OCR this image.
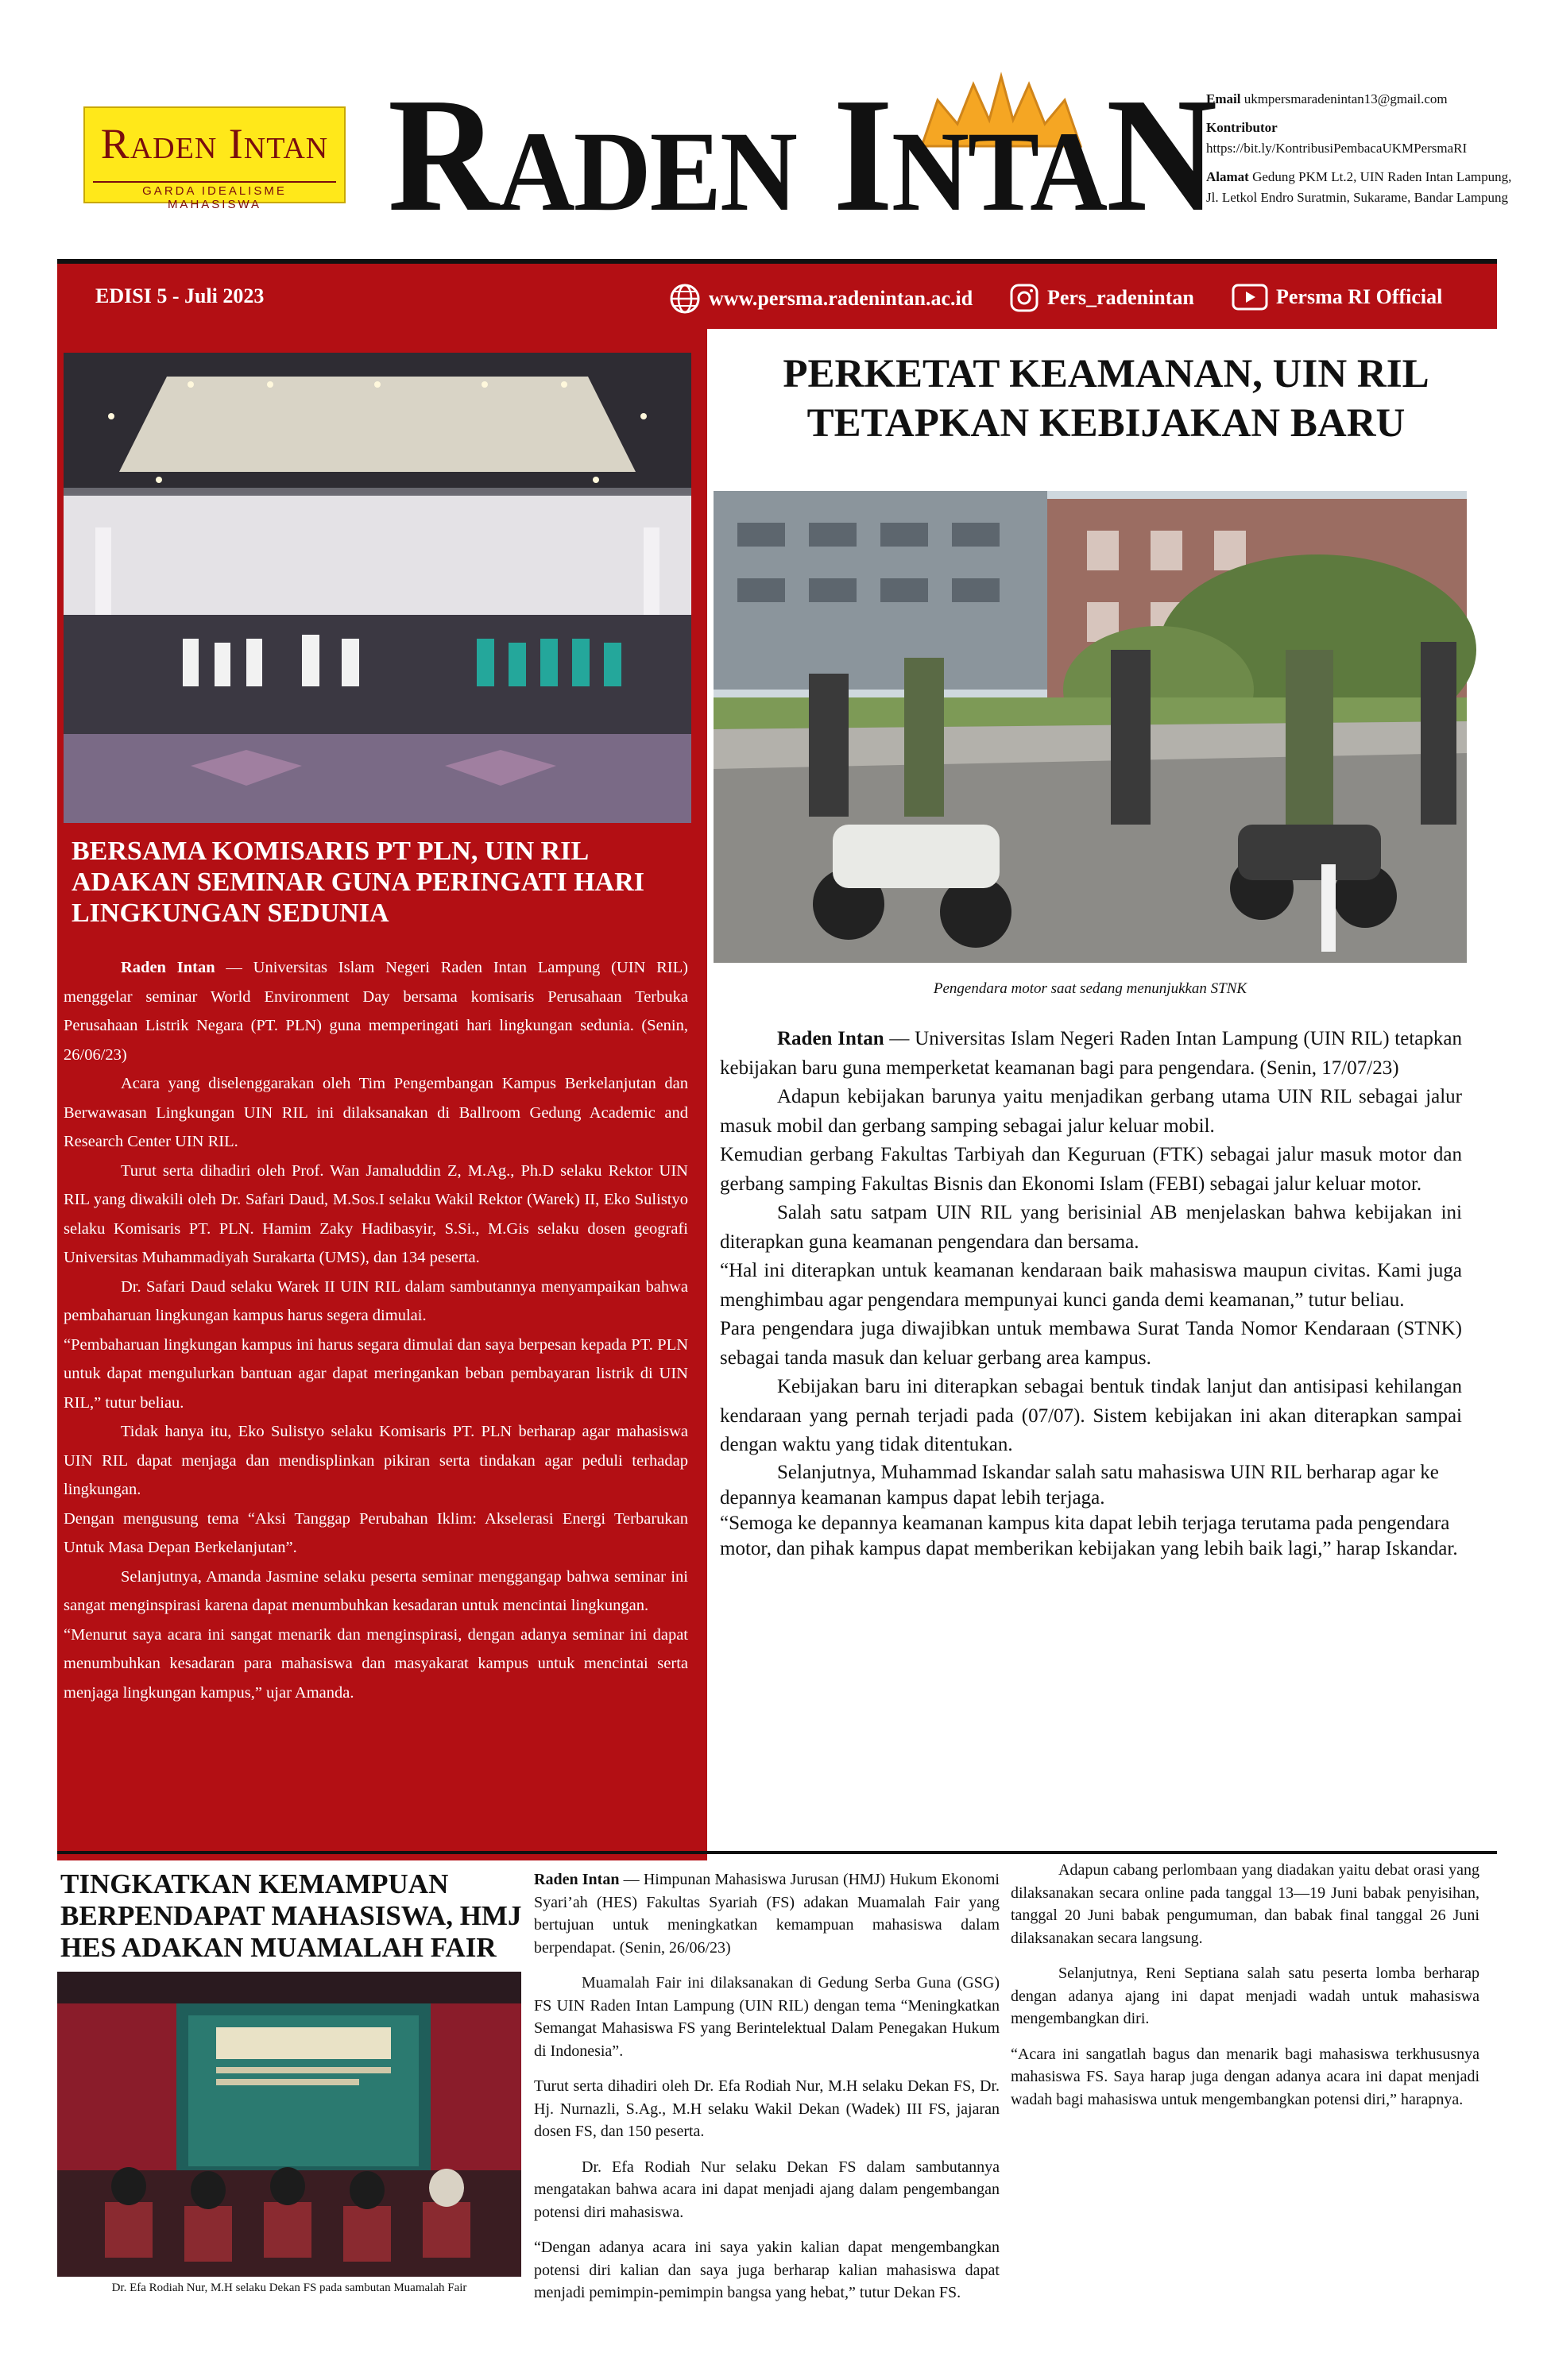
Raden Intan
GARDA IDEALISME MAHASISWA Raden IntaN

Email ukmpersmaradenintan13@gmail.com

Kontributor https://bit.ly/KontribusiPembacaUKMPersmaRI

Alamat Gedung PKM Lt.2, UIN Raden Intan Lampung, Jl. Letkol Endro Suratmin, Sukarame, Bandar Lampung

EDISI 5 - Juli 2023	www.persma.radenintan.ac.id	Pers_radenintan	Persma RI Official
BERSAMA KOMISARIS PT PLN, UIN RIL ADAKAN SEMINAR GUNA PERINGATI HARI LINGKUNGAN SEDUNIA

Raden Intan — Universitas Islam Negeri Raden Intan Lampung (UIN RIL) menggelar seminar World Environment Day bersama komisaris Perusahaan Terbuka Perusahaan Listrik Negara (PT. PLN) guna memperingati hari lingkungan sedunia. (Senin, 26/06/23)

Acara yang diselenggarakan oleh Tim Pengembangan Kampus Berkelanjutan dan Berwawasan Lingkungan UIN RIL ini dilaksanakan di Ballroom Gedung Academic and Research Center UIN RIL.

Turut serta dihadiri oleh Prof. Wan Jamaluddin Z, M.Ag., Ph.D selaku Rektor UIN RIL yang diwakili oleh Dr. Safari Daud, M.Sos.I selaku Wakil Rektor (Warek) II, Eko Sulistyo selaku Komisaris PT. PLN. Hamim Zaky Hadibasyir, S.Si., M.Gis selaku dosen geografi Universitas Muhammadiyah Surakarta (UMS), dan 134 peserta.

Dr. Safari Daud selaku Warek II UIN RIL dalam sambutannya menyampaikan bahwa pembaharuan lingkungan kampus harus segera dimulai.

“Pembaharuan lingkungan kampus ini harus segara dimulai dan saya berpesan kepada PT. PLN untuk dapat mengulurkan bantuan agar dapat meringankan beban pembayaran listrik di UIN RIL,” tutur beliau.

Tidak hanya itu, Eko Sulistyo selaku Komisaris PT. PLN berharap agar mahasiswa UIN RIL dapat menjaga dan mendisplinkan pikiran serta tindakan agar peduli terhadap lingkungan.

Dengan mengusung tema “Aksi Tanggap Perubahan Iklim: Akselerasi Energi Terbarukan Untuk Masa Depan Berkelanjutan”.

Selanjutnya, Amanda Jasmine selaku peserta seminar menggangap bahwa seminar ini sangat menginspirasi karena dapat menumbuhkan kesadaran untuk mencintai lingkungan.

“Menurut saya acara ini sangat menarik dan menginspirasi, dengan adanya seminar ini dapat menumbuhkan kesadaran para mahasiswa dan masyakarat kampus untuk mencintai serta menjaga lingkungan kampus,” ujar Amanda.

PERKETAT KEAMANAN, UIN RIL TETAPKAN KEBIJAKAN BARU
Pengendara motor saat sedang menunjukkan STNK

Raden Intan — Universitas Islam Negeri Raden Intan Lampung (UIN RIL) tetapkan kebijakan baru guna memperketat keamanan bagi para pengendara. (Senin, 17/07/23)

Adapun kebijakan barunya yaitu menjadikan gerbang utama UIN RIL sebagai jalur masuk mobil dan gerbang samping sebagai jalur keluar mobil.

Kemudian gerbang Fakultas Tarbiyah dan Keguruan (FTK) sebagai jalur masuk motor dan gerbang samping Fakultas Bisnis dan Ekonomi Islam (FEBI) sebagai jalur keluar motor.

Salah satu satpam UIN RIL yang berisinial AB menjelaskan bahwa kebijakan ini diterapkan guna keamanan pengendara dan bersama.

“Hal ini diterapkan untuk keamanan kendaraan baik mahasiswa maupun civitas. Kami juga menghimbau agar pengendara mempunyai kunci ganda demi keamanan,” tutur beliau.

Para pengendara juga diwajibkan untuk membawa Surat Tanda Nomor Kendaraan (STNK) sebagai tanda masuk dan keluar gerbang area kampus.

Kebijakan baru ini diterapkan sebagai bentuk tindak lanjut dan antisipasi kehilangan kendaraan yang pernah terjadi pada (07/07). Sistem kebijakan ini akan diterapkan sampai dengan waktu yang tidak ditentukan.

Selanjutnya, Muhammad Iskandar salah satu mahasiswa UIN RIL berharap agar ke depannya keamanan kampus dapat lebih terjaga.

“Semoga ke depannya keamanan kampus kita dapat lebih terjaga terutama pada pengendara motor, dan pihak kampus dapat memberikan kebijakan yang lebih baik lagi,” harap Iskandar.

TINGKATKAN KEMAMPUAN BERPENDAPAT MAHASISWA, HMJ HES ADAKAN MUAMALAH FAIR
Dr. Efa Rodiah Nur, M.H selaku Dekan FS pada sambutan Muamalah Fair

Raden Intan — Himpunan Mahasiswa Jurusan (HMJ) Hukum Ekonomi Syari’ah (HES) Fakultas Syariah (FS) adakan Muamalah Fair yang bertujuan untuk meningkatkan kemampuan mahasiswa dalam berpendapat. (Senin, 26/06/23)

Muamalah Fair ini dilaksanakan di Gedung Serba Guna (GSG) FS UIN Raden Intan Lampung (UIN RIL) dengan tema “Meningkatkan Semangat Mahasiswa FS yang Berintelektual Dalam Penegakan Hukum di Indonesia”.

Turut serta dihadiri oleh Dr. Efa Rodiah Nur, M.H selaku Dekan FS, Dr. Hj. Nurnazli, S.Ag., M.H selaku Wakil Dekan (Wadek) III FS, jajaran dosen FS, dan 150 peserta.

Dr. Efa Rodiah Nur selaku Dekan FS dalam sambutannya mengatakan bahwa acara ini dapat menjadi ajang dalam pengembangan potensi diri mahasiswa.

“Dengan adanya acara ini saya yakin kalian dapat mengembangkan potensi diri kalian dan saya juga berharap kalian mahasiswa dapat menjadi pemimpin-pemimpin bangsa yang hebat,” tutur Dekan FS.

Adapun cabang perlombaan yang diadakan yaitu debat orasi yang dilaksanakan secara online pada tanggal 13—19 Juni babak penyisihan, tanggal 20 Juni babak pengumuman, dan babak final tanggal 26 Juni dilaksanakan secara langsung.

Selanjutnya, Reni Septiana salah satu peserta lomba berharap dengan adanya ajang ini dapat menjadi wadah untuk mahasiswa mengembangkan diri.

“Acara ini sangatlah bagus dan menarik bagi mahasiswa terkhususnya mahasiswa FS. Saya harap juga dengan adanya acara ini dapat menjadi wadah bagi mahasiswa untuk mengembangkan potensi diri,” harapnya.
